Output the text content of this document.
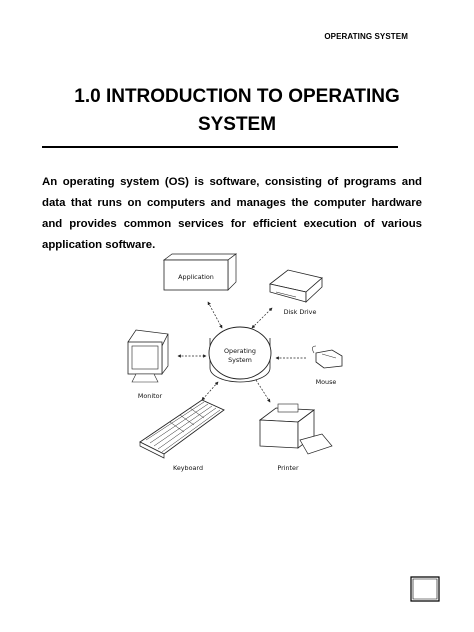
OPERATING SYSTEM
1.0 INTRODUCTION TO OPERATING
SYSTEM
An operating system (OS) is software, consisting of programs and data that runs on computers and manages the computer hardware and provides common services for efficient execution of various application software.
Operating
System
Application
Disk Drive
Monitor
Mouse
Keyboard	Printer
